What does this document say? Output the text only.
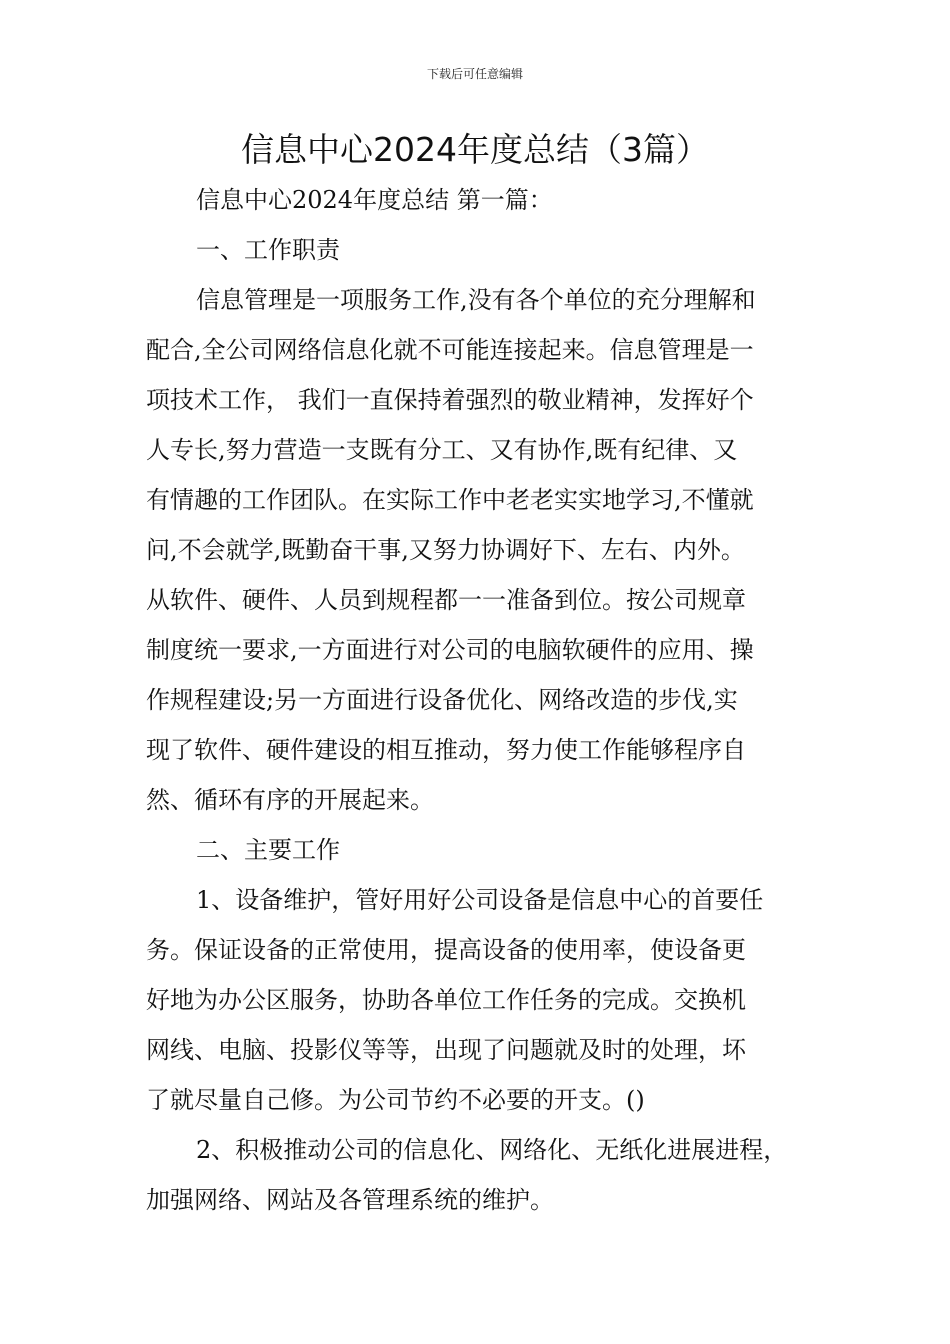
下载后可任意编辑
信息中心2024年度总结（3篇）
信息中心2024年度总结 第一篇：
一、工作职责
信息管理是一项服务工作,没有各个单位的充分理解和
配合,全公司网络信息化就不可能连接起来。信息管理是一
项技术工作， 我们一直保持着强烈的敬业精神，发挥好个
人专长,努力营造一支既有分工、又有协作,既有纪律、又
有情趣的工作团队。在实际工作中老老实实地学习,不懂就
问,不会就学,既勤奋干事,又努力协调好下、左右、内外。
从软件、硬件、人员到规程都一一准备到位。按公司规章
制度统一要求,一方面进行对公司的电脑软硬件的应用、操
作规程建设;另一方面进行设备优化、网络改造的步伐,实
现了软件、硬件建设的相互推动，努力使工作能够程序自
然、循环有序的开展起来。
二、主要工作
1、设备维护，管好用好公司设备是信息中心的首要任
务。保证设备的正常使用，提高设备的使用率，使设备更
好地为办公区服务，协助各单位工作任务的完成。交换机
网线、电脑、投影仪等等，出现了问题就及时的处理，坏
了就尽量自己修。为公司节约不必要的开支。()
2、积极推动公司的信息化、网络化、无纸化进展进程，
加强网络、网站及各管理系统的维护。
